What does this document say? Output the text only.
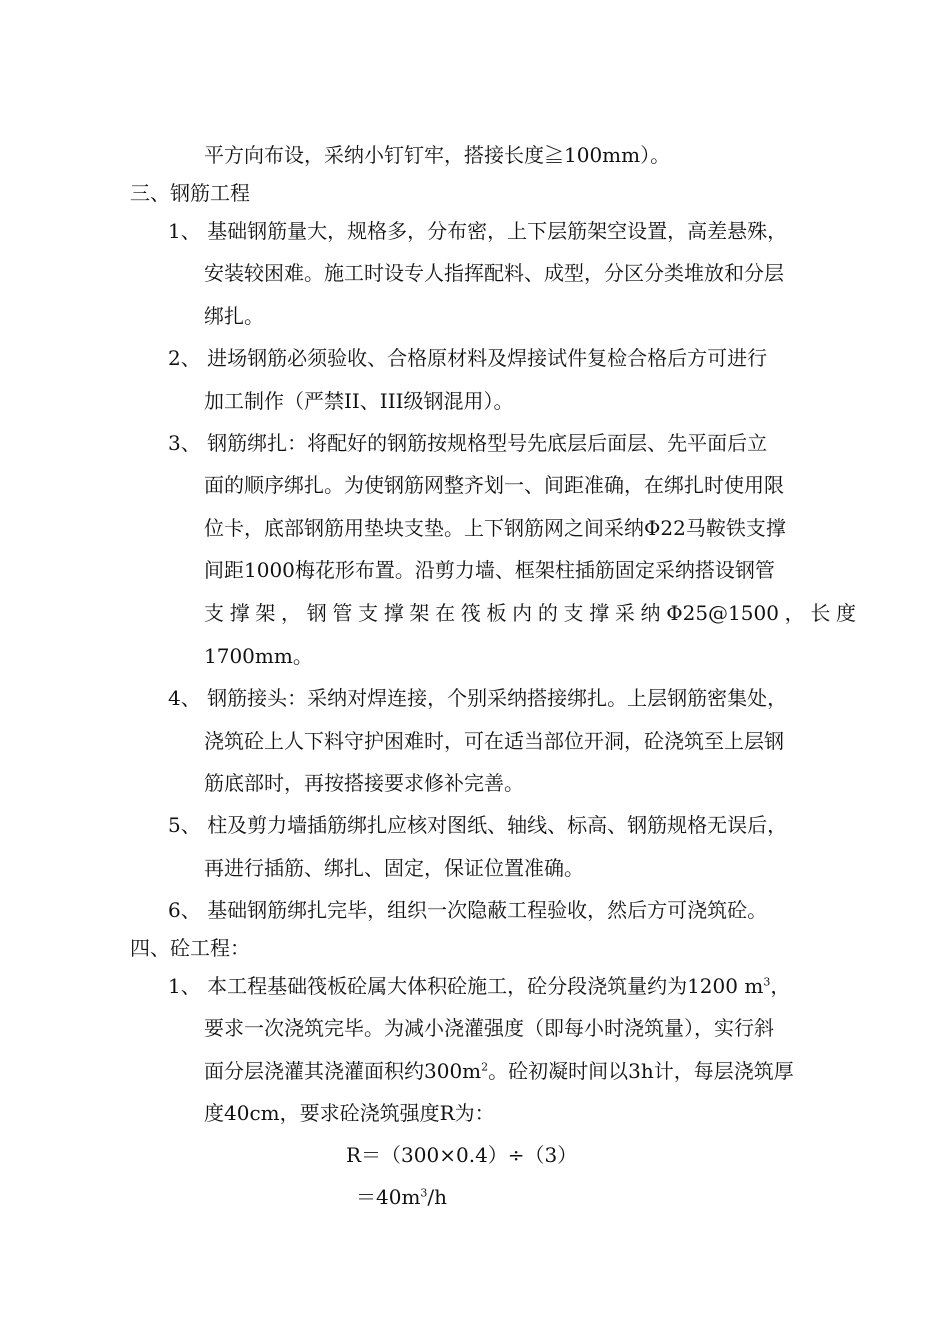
平方向布设，采纳小钉钉牢，搭接长度≧100mm）。
三、钢筋工程
1、 基础钢筋量大，规格多，分布密，上下层筋架空设置，高差悬殊，
安装较困难。施工时设专人指挥配料、成型，分区分类堆放和分层
绑扎。
2、 进场钢筋必须验收、合格原材料及焊接试件复检合格后方可进行
加工制作（严禁II、III级钢混用）。
3、 钢筋绑扎：将配好的钢筋按规格型号先底层后面层、先平面后立
面的顺序绑扎。为使钢筋网整齐划一、间距准确，在绑扎时使用限
位卡，底部钢筋用垫块支垫。上下钢筋网之间采纳Φ22马鞍铁支撑
间距1000梅花形布置。沿剪力墙、框架柱插筋固定采纳搭设钢管
支撑架，钢管支撑架在筏板内的支撑采纳Φ25@1500，长度
1700mm。
4、 钢筋接头：采纳对焊连接，个别采纳搭接绑扎。上层钢筋密集处，
浇筑砼上人下料守护困难时，可在适当部位开洞，砼浇筑至上层钢
筋底部时，再按搭接要求修补完善。
5、 柱及剪力墙插筋绑扎应核对图纸、轴线、标高、钢筋规格无误后，
再进行插筋、绑扎、固定，保证位置准确。
6、 基础钢筋绑扎完毕，组织一次隐蔽工程验收，然后方可浇筑砼。
四、砼工程：
1、 本工程基础筏板砼属大体积砼施工，砼分段浇筑量约为1200 $m^3$，
要求一次浇筑完毕。为减小浇灌强度（即每小时浇筑量），实行斜
面分层浇灌其浇灌面积约$300m^2$。砼初凝时间以3h计，每层浇筑厚
度40cm，要求砼浇筑强度R为：
R＝（300×0.4）÷（3）
$=40m^3/h$
